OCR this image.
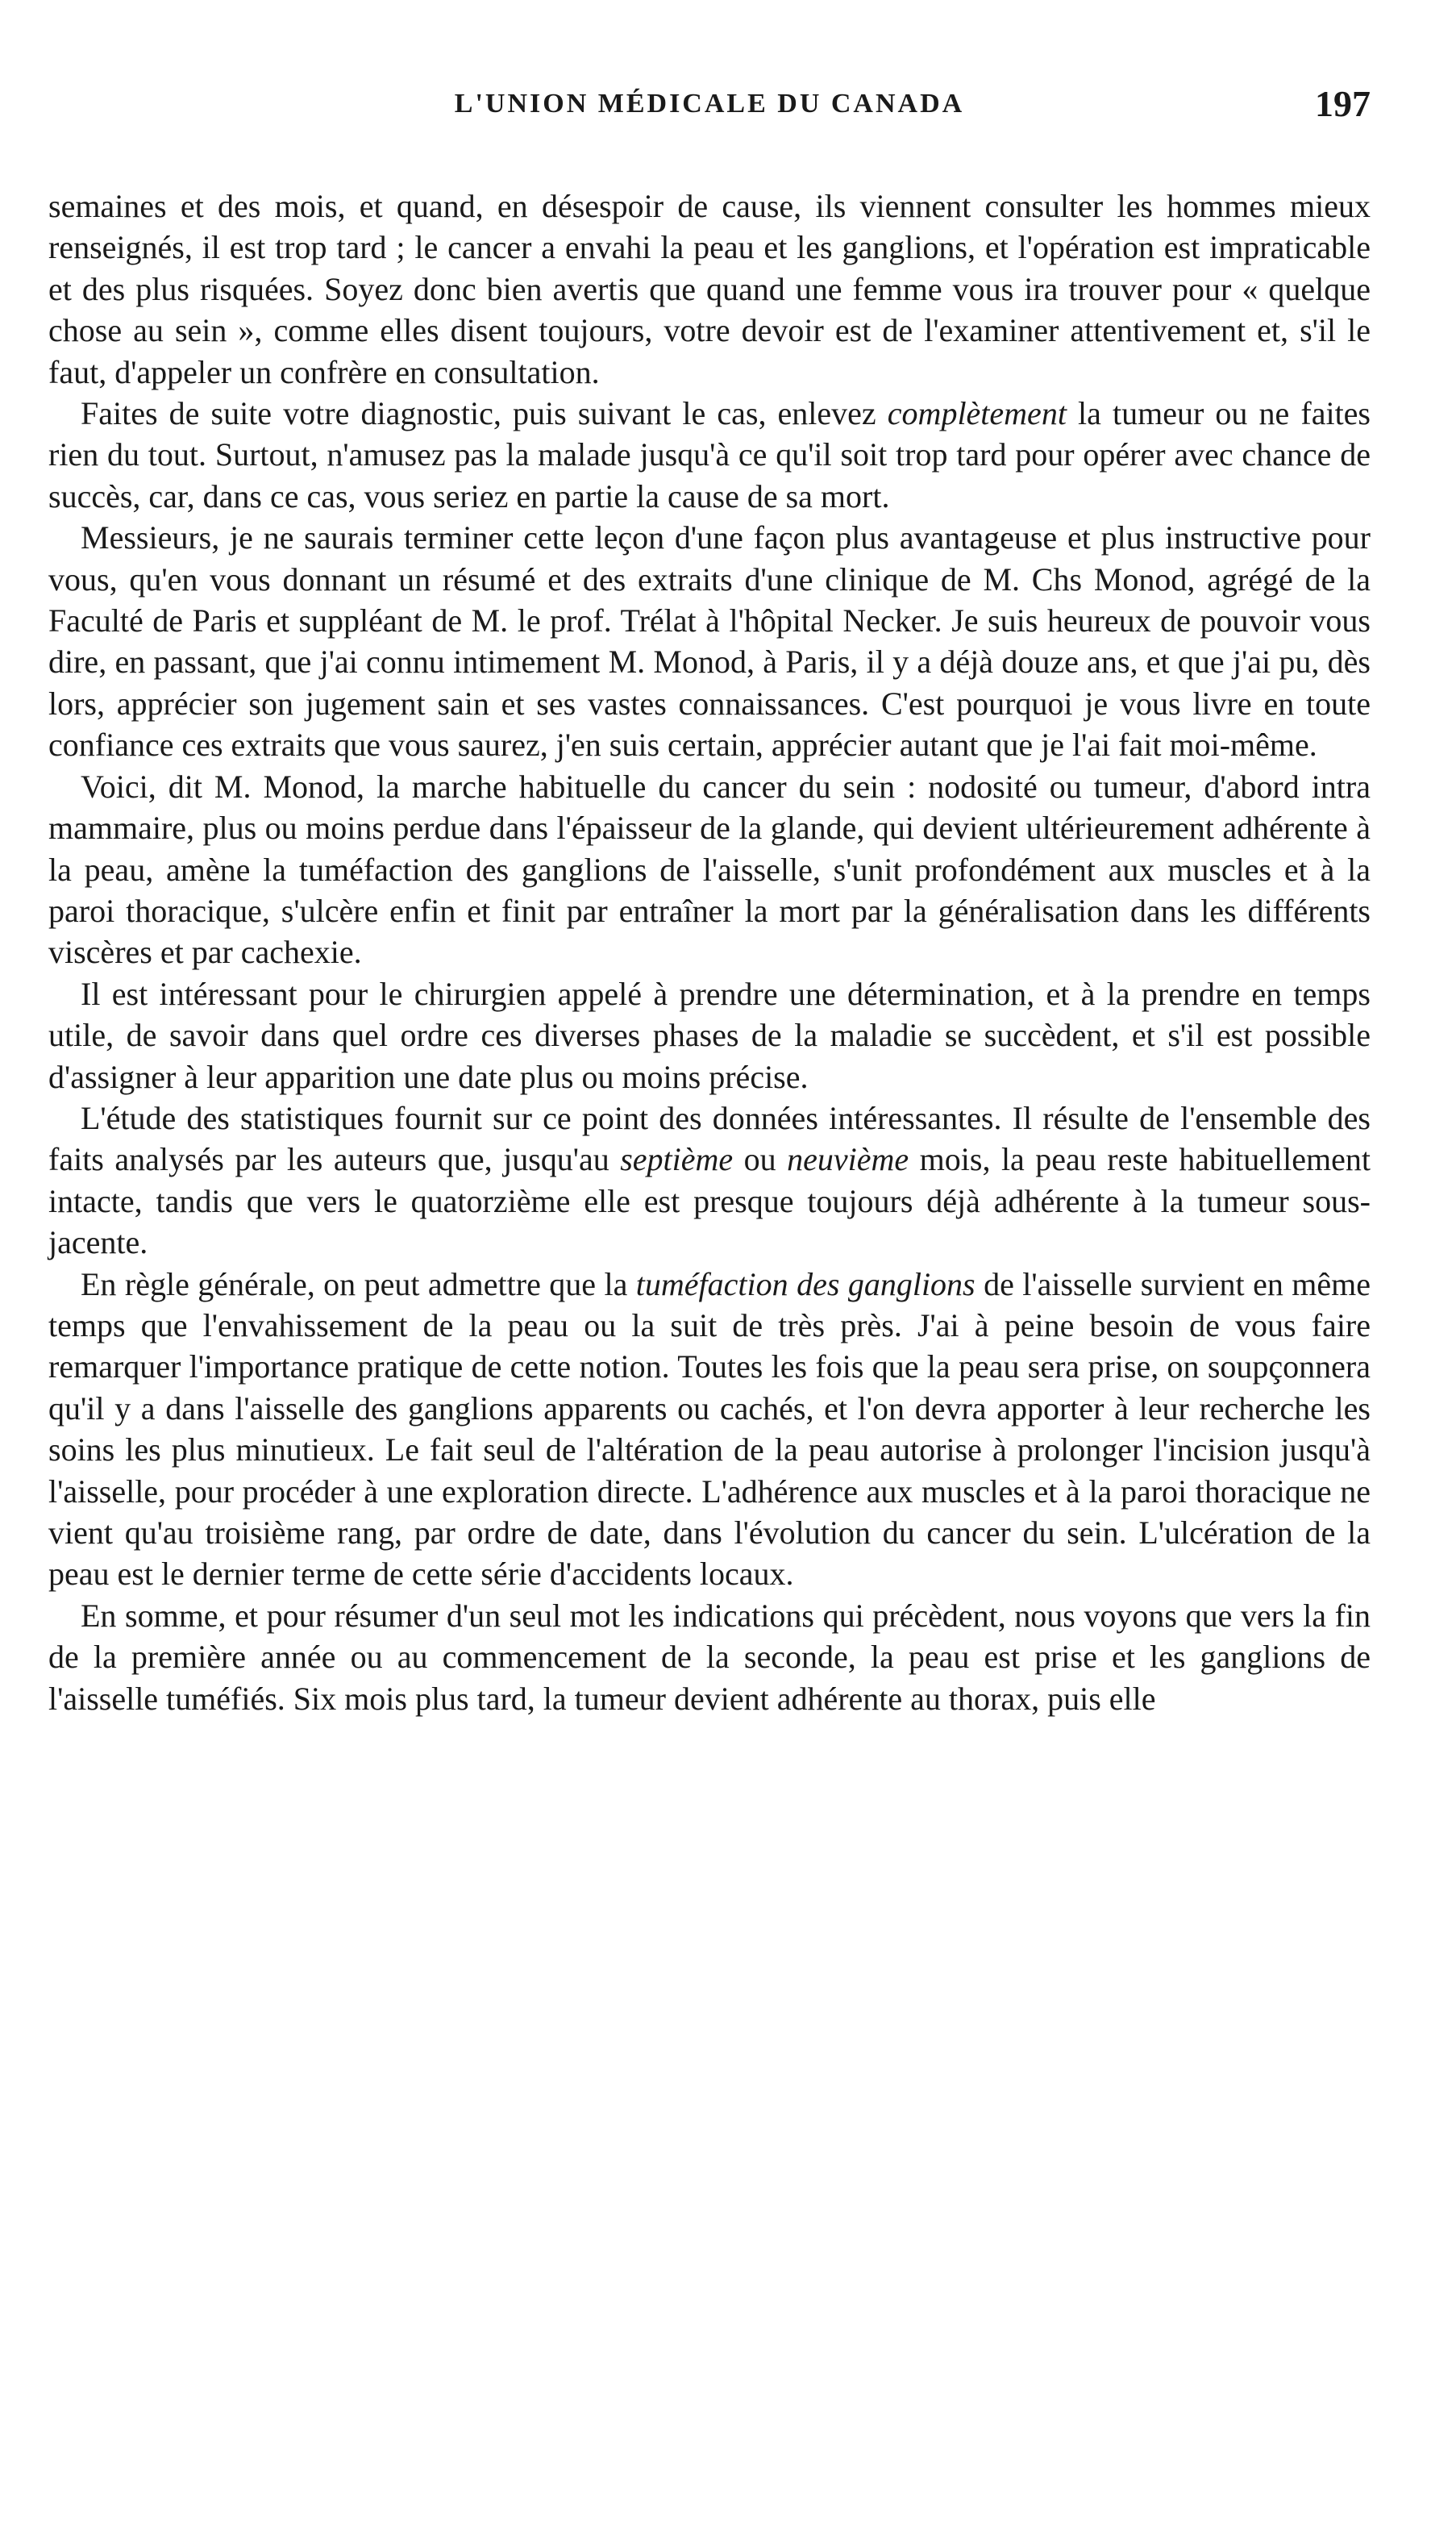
L'UNION MÉDICALE DU CANADA	197

semaines et des mois, et quand, en désespoir de cause, ils viennent consulter les hommes mieux renseignés, il est trop tard ; le cancer a envahi la peau et les ganglions, et l'opération est impraticable et des plus risquées. Soyez donc bien avertis que quand une femme vous ira trouver pour « quelque chose au sein », comme elles disent toujours, votre devoir est de l'examiner attentivement et, s'il le faut, d'appeler un confrère en consultation.

Faites de suite votre diagnostic, puis suivant le cas, enlevez complètement la tumeur ou ne faites rien du tout. Surtout, n'amusez pas la malade jusqu'à ce qu'il soit trop tard pour opérer avec chance de succès, car, dans ce cas, vous seriez en partie la cause de sa mort.

Messieurs, je ne saurais terminer cette leçon d'une façon plus avantageuse et plus instructive pour vous, qu'en vous donnant un résumé et des extraits d'une clinique de M. Chs Monod, agrégé de la Faculté de Paris et suppléant de M. le prof. Trélat à l'hôpital Necker. Je suis heureux de pouvoir vous dire, en passant, que j'ai connu intimement M. Monod, à Paris, il y a déjà douze ans, et que j'ai pu, dès lors, apprécier son jugement sain et ses vastes connaissances. C'est pourquoi je vous livre en toute confiance ces extraits que vous saurez, j'en suis certain, apprécier autant que je l'ai fait moi-même.

Voici, dit M. Monod, la marche habituelle du cancer du sein : nodosité ou tumeur, d'abord intra mammaire, plus ou moins perdue dans l'épaisseur de la glande, qui devient ultérieurement adhérente à la peau, amène la tuméfaction des ganglions de l'aisselle, s'unit profondément aux muscles et à la paroi thoracique, s'ulcère enfin et finit par entraîner la mort par la généralisation dans les différents viscères et par cachexie.

Il est intéressant pour le chirurgien appelé à prendre une détermination, et à la prendre en temps utile, de savoir dans quel ordre ces diverses phases de la maladie se succèdent, et s'il est possible d'assigner à leur apparition une date plus ou moins précise.

L'étude des statistiques fournit sur ce point des données intéressantes. Il résulte de l'ensemble des faits analysés par les auteurs que, jusqu'au septième ou neuvième mois, la peau reste habituellement intacte, tandis que vers le quatorzième elle est presque toujours déjà adhérente à la tumeur sous-jacente.

En règle générale, on peut admettre que la tuméfaction des ganglions de l'aisselle survient en même temps que l'envahissement de la peau ou la suit de très près. J'ai à peine besoin de vous faire remarquer l'importance pratique de cette notion. Toutes les fois que la peau sera prise, on soupçonnera qu'il y a dans l'aisselle des ganglions apparents ou cachés, et l'on devra apporter à leur recherche les soins les plus minutieux. Le fait seul de l'altération de la peau autorise à prolonger l'incision jusqu'à l'aisselle, pour procéder à une exploration directe. L'adhérence aux muscles et à la paroi thoracique ne vient qu'au troisième rang, par ordre de date, dans l'évolution du cancer du sein. L'ulcération de la peau est le dernier terme de cette série d'accidents locaux.

En somme, et pour résumer d'un seul mot les indications qui précèdent, nous voyons que vers la fin de la première année ou au commencement de la seconde, la peau est prise et les ganglions de l'aisselle tuméfiés. Six mois plus tard, la tumeur devient adhérente au thorax, puis elle
